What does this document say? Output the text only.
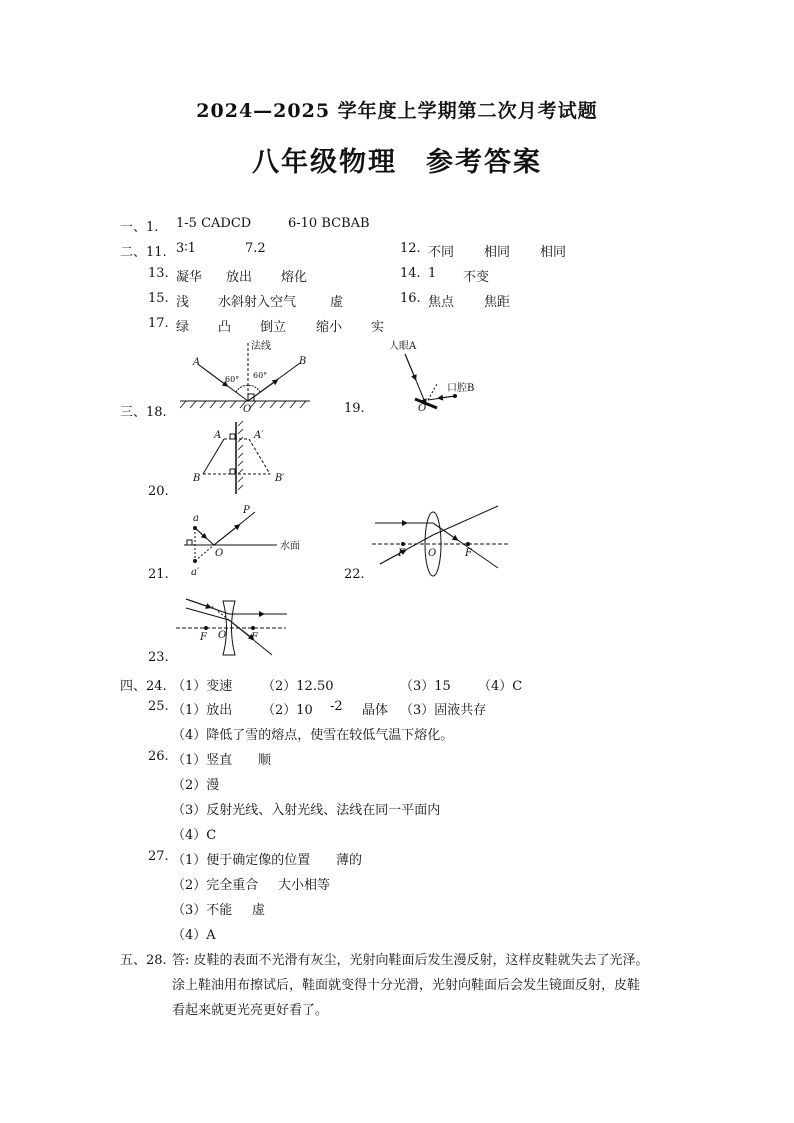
2024—2025 学年度上学期第二次月考试题
八年级物理　参考答案
一、1. 1-5 CADCD	6-10 BCBAB
二、11. 3∶1	7.2	12. 不同 相同 相同
13. 凝华 放出 熔化	14. 1 不变
15. 浅 水斜射入空气	虚	16. 焦点 焦距
17. 绿 凸 倒立 缩小 实
三、18.	19.
20.
21.	22.
23.
法线
A	B
O
60° 60°
人眼A
口腔B
O
A	A′
B	B′
a
a′
P
O
水面
F O	F
F O F
四、24. （1）变速 （2）12.50	（3）15 （4）C
25. （1）放出 （2）10 -2 晶体 （3）固液共存
（4）降低了雪的熔点，使雪在较低气温下熔化。
26. （1）竖直 顺
（2）漫
（3）反射光线、入射光线、法线在同一平面内
（4）C
27. （1）便于确定像的位置 薄的
（2）完全重合 大小相等
（3）不能 虚
（4）A
五、28. 答: 皮鞋的表面不光滑有灰尘，光射向鞋面后发生漫反射，这样皮鞋就失去了光泽。
涂上鞋油用布擦试后，鞋面就变得十分光滑，光射向鞋面后会发生镜面反射，皮鞋
看起来就更光亮更好看了。
